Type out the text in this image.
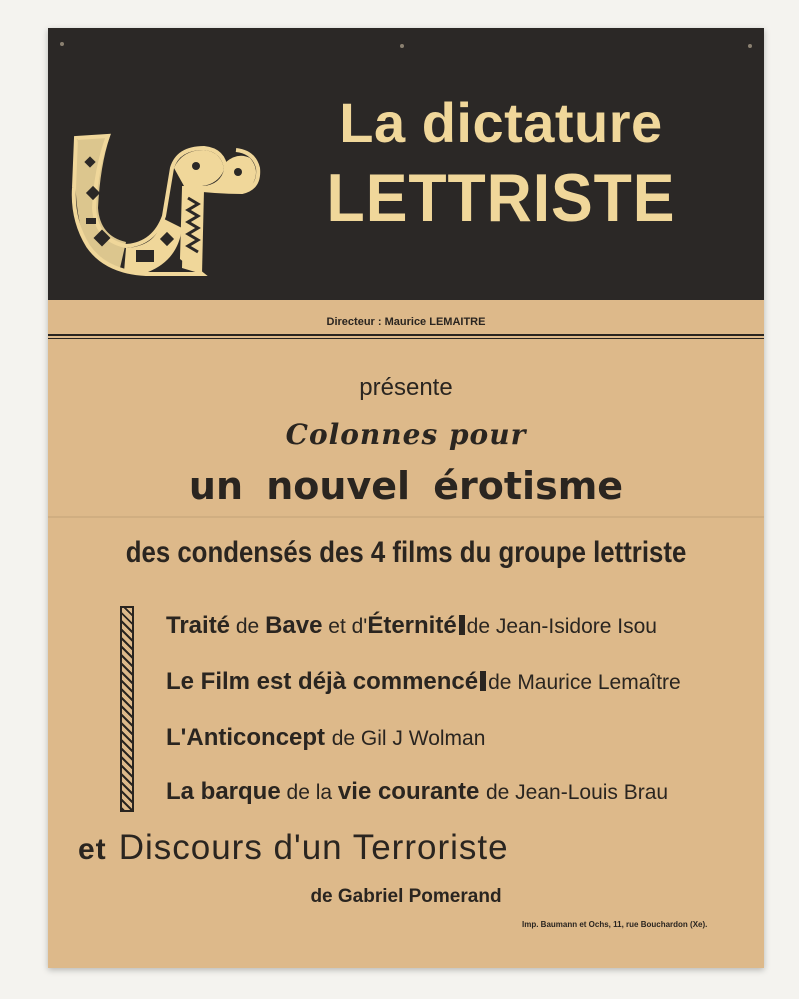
La dictature
LETTRISTE
Directeur : Maurice LEMAITRE
présente
Colonnes pour
un nouvel érotisme
des condensés des 4 films du groupe lettriste
Traité de Bave et d'Éternité de Jean-Isidore Isou
Le Film est déjà commencé de Maurice Lemaître
L'Anticoncept de Gil J Wolman
La barque de la vie courante de Jean-Louis Brau
et Discours d'un Terroriste
de Gabriel Pomerand
Imp. Baumann et Ochs, 11, rue Bouchardon (Xe).
